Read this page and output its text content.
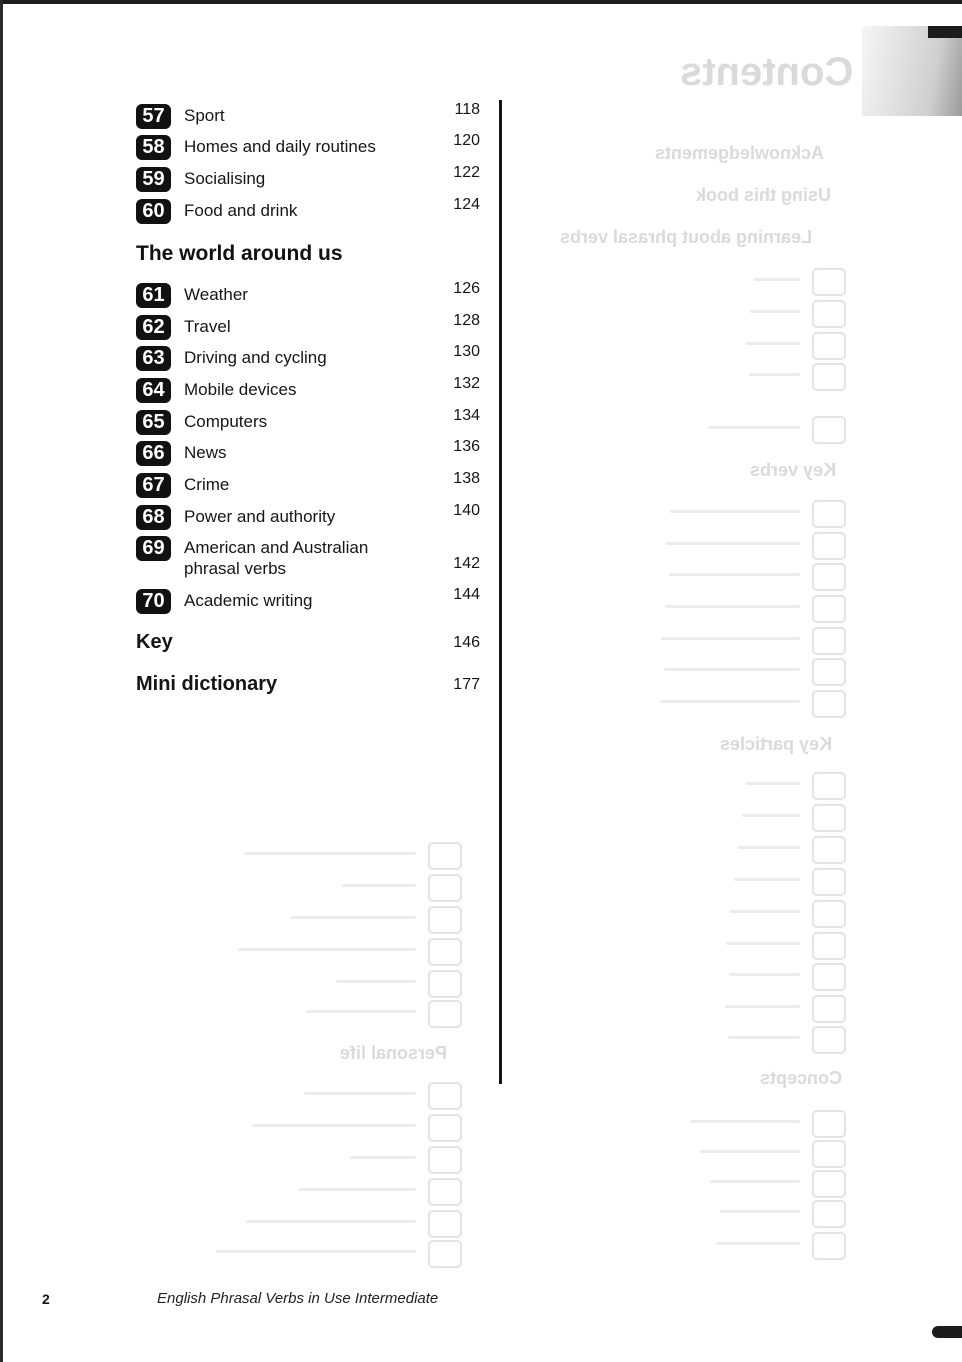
Contents
Acknowledgements
Using this book
Learning about phrasal verbs
Key verbs
Key particles
Concepts
Personal life
57	Sport	118
58	Homes and daily routines	120
59	Socialising	122
60	Food and drink	124
The world around us
61	Weather	126
62	Travel	128
63	Driving and cycling	130
64	Mobile devices	132
65	Computers	134
66	News	136
67	Crime	138
68	Power and authority	140
69	American and Australian
phrasal verbs	142
70	Academic writing	144
Key	146
Mini dictionary	177
2	English Phrasal Verbs in Use Intermediate
